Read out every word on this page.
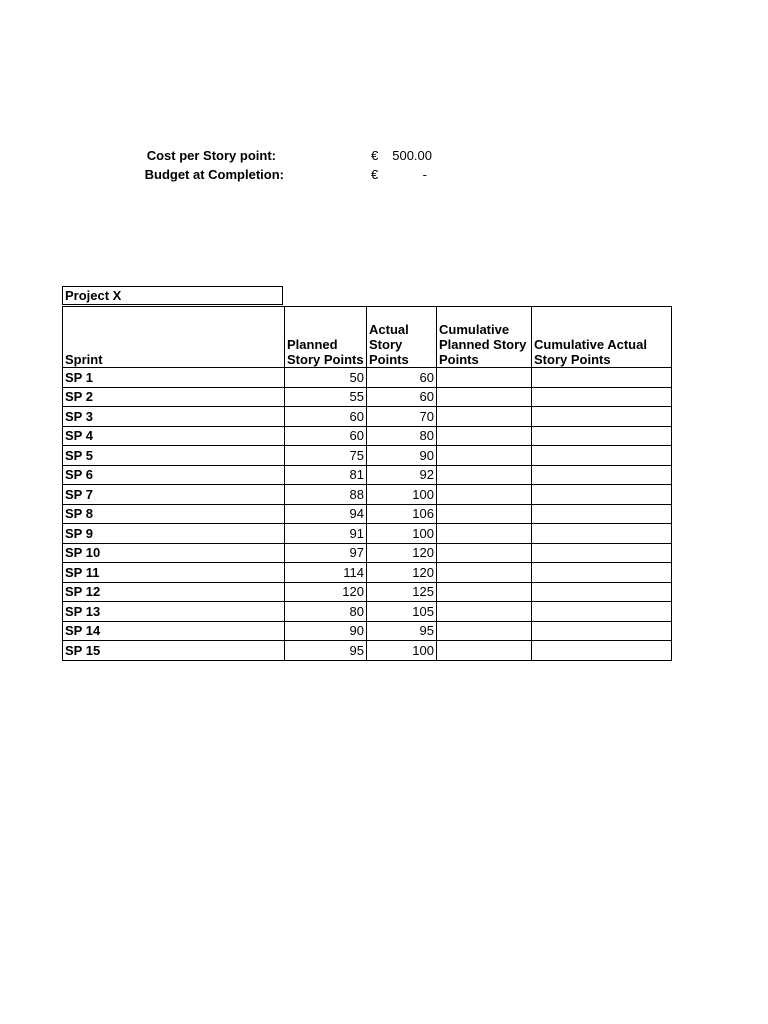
Cost per Story point:	€ 500.00
Budget at Completion:	€	-
Project X
Sprint	Planned Story Points	Actual Story Points	Cumulative Planned Story Points	Cumulative Actual Story Points
SP 1	50	60		
SP 2	55	60		
SP 3	60	70		
SP 4	60	80		
SP 5	75	90		
SP 6	81	92		
SP 7	88	100		
SP 8	94	106		
SP 9	91	100		
SP 10	97	120		
SP 11	114	120		
SP 12	120	125		
SP 13	80	105		
SP 14	90	95		
SP 15	95	100		
